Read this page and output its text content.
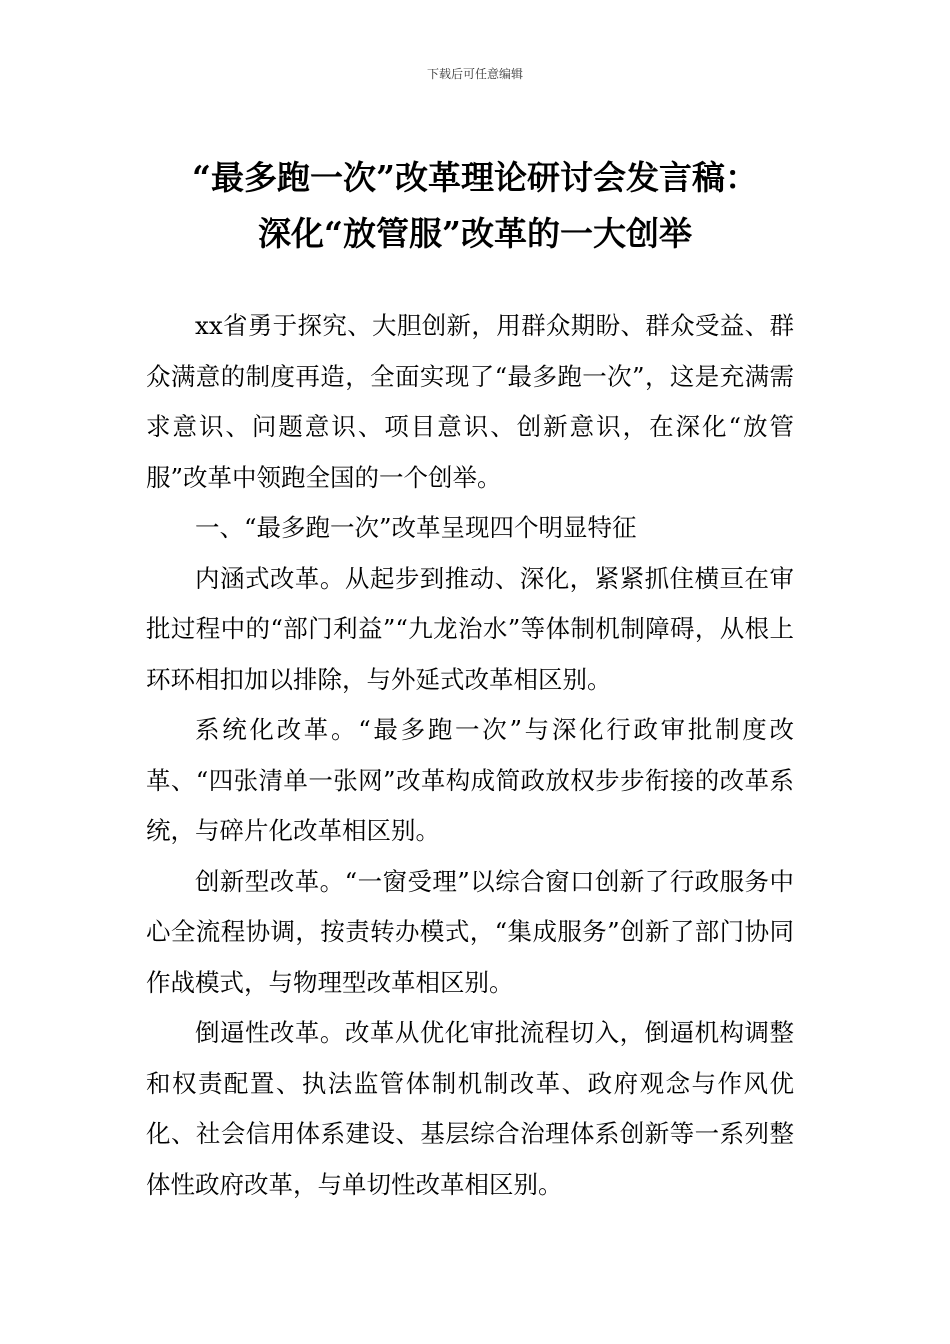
下载后可任意编辑
“最多跑一次”改革理论研讨会发言稿：
深化“放管服”改革的一大创举

xx省勇于探究、大胆创新，用群众期盼、群众受益、群众满意的制度再造，全面实现了“最多跑一次”，这是充满需求意识、问题意识、项目意识、创新意识，在深化“放管服”改革中领跑全国的一个创举。

一、“最多跑一次”改革呈现四个明显特征

内涵式改革。从起步到推动、深化，紧紧抓住横亘在审批过程中的“部门利益”“九龙治水”等体制机制障碍，从根上环环相扣加以排除，与外延式改革相区别。

系统化改革。“最多跑一次”与深化行政审批制度改革、“四张清单一张网”改革构成简政放权步步衔接的改革系统，与碎片化改革相区别。

创新型改革。“一窗受理”以综合窗口创新了行政服务中心全流程协调，按责转办模式，“集成服务”创新了部门协同作战模式，与物理型改革相区别。

倒逼性改革。改革从优化审批流程切入，倒逼机构调整和权责配置、执法监管体制机制改革、政府观念与作风优化、社会信用体系建设、基层综合治理体系创新等一系列整体性政府改革，与单切性改革相区别。
